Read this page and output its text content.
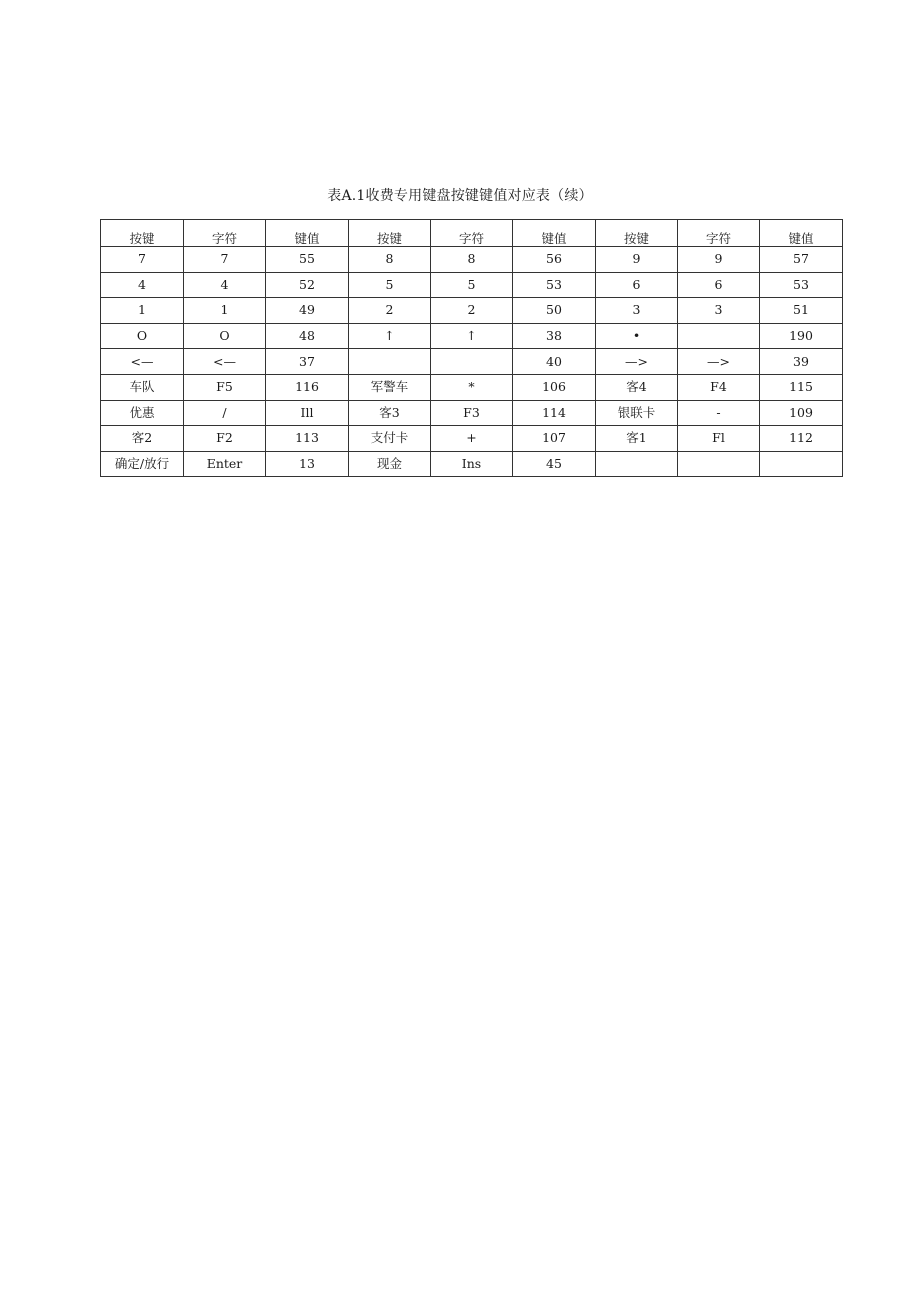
表A.1收费专用键盘按键键值对应表（续）
按键	字符	键值	按键	字符	键值	按键	字符	键值
7	7	55	8	8	56	9	9	57
4	4	52	5	5	53	6	6	53
1	1	49	2	2	50	3	3	51
O	O	48	↑	↑	38	•		190
<—	<—	37			40	—>	—>	39
车队	F5	116	军警车	*	106	客4	F4	115
优惠	/	Ill	客3	F3	114	银联卡	-	109
客2	F2	113	支付卡	+	107	客1	Fl	112
确定/放行	Enter	13	现金	Ins	45			
